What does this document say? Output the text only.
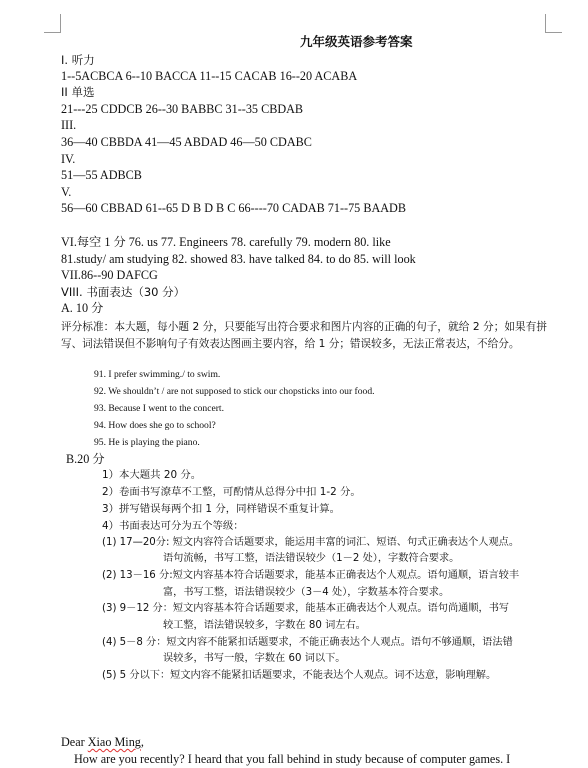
九年级英语参考答案
I. 听力
1--5ACBCA 6--10 BACCA 11--15 CACAB 16--20 ACABA
II 单选
21---25 CDDCB 26--30 BABBC 31--35 CBDAB
III.
36—40 CBBDA 41—45 ABDAD 46—50 CDABC
IV.
51—55 ADBCB
V.
56—60 CBBAD 61--65 D B D B C 66----70 CADAB 71--75 BAADB
VI.每空 1 分 76. us 77. Engineers 78. carefully 79. modern 80. like
81.study/ am studying 82. showed 83. have talked 84. to do 85. will look
VII.86--90 DAFCG
VIII. 书面表达（30 分）
A. 10 分
评分标准：本大题，每小题 2 分，只要能写出符合要求和图片内容的正确的句子，就给 2 分；如果有拼写、词法错误但不影响句子有效表达图画主要内容，给 1 分；错误较多，无法正常表达，不给分。
91. I prefer swimming./ to swim.
92. We shouldn’t / are not supposed to stick our chopsticks into our food.
93. Because I went to the concert.
94. How does she go to school?
95. He is playing the piano.
B.20 分
1）本大题共 20 分。
2）卷面书写潦草不工整，可酌情从总得分中扣 1-2 分。
3）拼写错误每两个扣 1 分，同样错误不重复计算。
4）书面表达可分为五个等级：
(1) 17—20分: 短文内容符合话题要求，能运用丰富的词汇、短语、句式正确表达个人观点。
语句流畅，书写工整，语法错误较少（1－2 处），字数符合要求。
(2) 13－16 分:短文内容基本符合话题要求，能基本正确表达个人观点。语句通顺，语言较丰
富，书写工整，语法错误较少（3－4 处），字数基本符合要求。
(3) 9－12 分：短文内容基本符合话题要求，能基本正确表达个人观点。语句尚通顺，书写
较工整，语法错误较多，字数在 80 词左右。
(4) 5－8 分：短文内容不能紧扣话题要求，不能正确表达个人观点。语句不够通顺，语法错
误较多，书写一般，字数在 60 词以下。
(5) 5 分以下：短文内容不能紧扣话题要求，不能表达个人观点。词不达意，影响理解。
Dear Xiao Ming,
How are you recently? I heard that you fall behind in study because of computer games. I
